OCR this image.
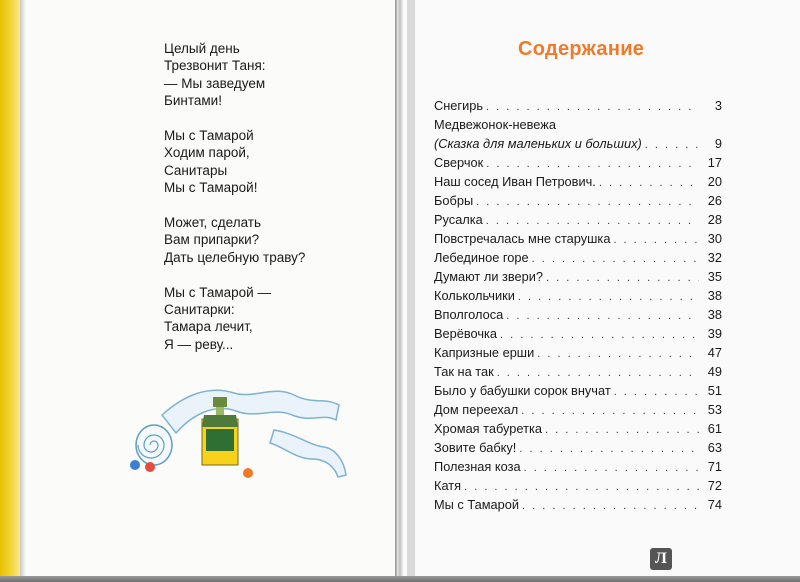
Целый день
Трезвонит Таня:
— Мы заведуем
Бинтами!
Мы с Тамарой
Ходим парой,
Санитары
Мы с Тамарой!
Может, сделать
Вам припарки?
Дать целебную траву?
Мы с Тамарой —
Санитарки:
Тамара лечит,
Я — реву...
Содержание
Снегирь . . .	3
Медвежонок-невежа
(Сказка для маленьких и больших) . . .	9
Сверчок . . .	17
Наш сосед Иван Петрович. . . .	20
Бобры . . .	26
Русалка . . .	28
Повстречалась мне старушка . . .	30
Лебединое горе . . .	32
Думают ли звери? . . .	35
Колькольчики . . .	38
Вполголоса . . .	38
Верёвочка . . .	39
Капризные ерши . . .	47
Так на так . . .	49
Было у бабушки сорок внучат . . .	51
Дом переехал . . .	53
Хромая табуретка . . .	61
Зовите бабку! . . .	63
Полезная коза . . .	71
Катя . . .	72
Мы с Тамарой . . .	74
Л
